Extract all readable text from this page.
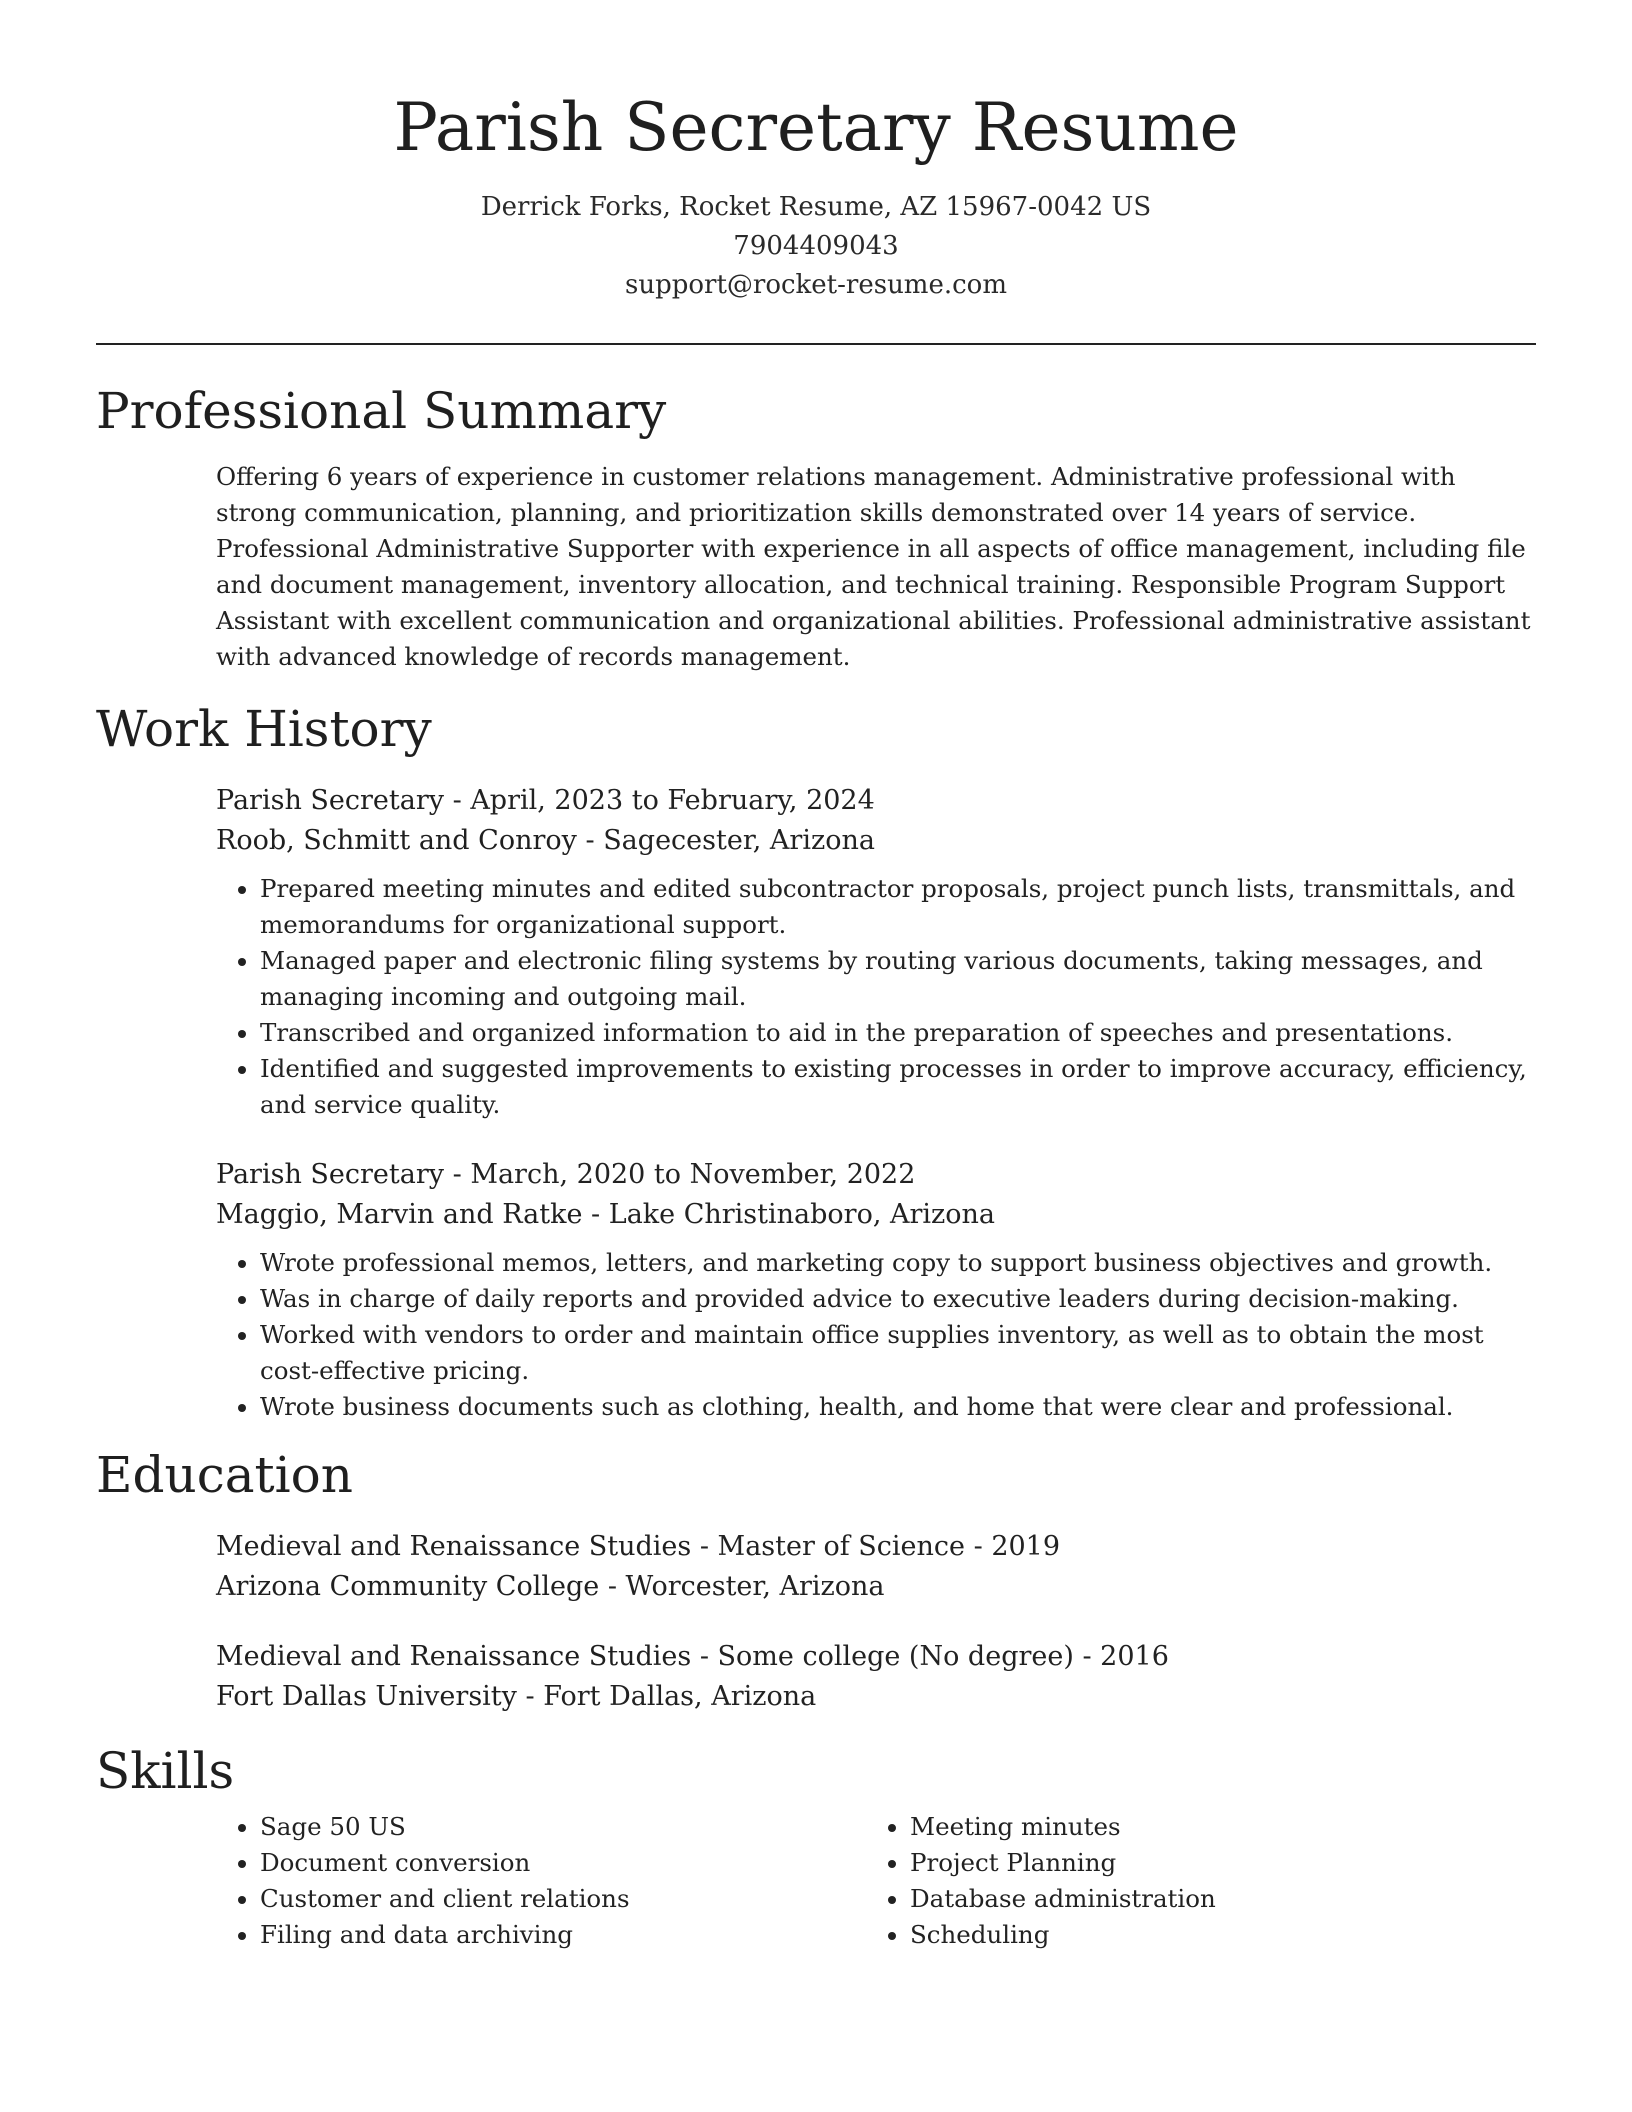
Parish Secretary Resume
Derrick Forks, Rocket Resume, AZ 15967-0042 US
7904409043
support@rocket-resume.com
Professional Summary
Offering 6 years of experience in customer relations management. Administrative professional with strong communication, planning, and prioritization skills demonstrated over 14 years of service. Professional Administrative Supporter with experience in all aspects of office management, including file and document management, inventory allocation, and technical training. Responsible Program Support Assistant with excellent communication and organizational abilities. Professional administrative assistant with advanced knowledge of records management.
Work History
Parish Secretary - April, 2023 to February, 2024
Roob, Schmitt and Conroy - Sagecester, Arizona
• Prepared meeting minutes and edited subcontractor proposals, project punch lists, transmittals, and memorandums for organizational support.
• Managed paper and electronic filing systems by routing various documents, taking messages, and managing incoming and outgoing mail.
• Transcribed and organized information to aid in the preparation of speeches and presentations.
• Identified and suggested improvements to existing processes in order to improve accuracy, efficiency, and service quality.
Parish Secretary - March, 2020 to November, 2022
Maggio, Marvin and Ratke - Lake Christinaboro, Arizona
• Wrote professional memos, letters, and marketing copy to support business objectives and growth.
• Was in charge of daily reports and provided advice to executive leaders during decision-making.
• Worked with vendors to order and maintain office supplies inventory, as well as to obtain the most cost-effective pricing.
• Wrote business documents such as clothing, health, and home that were clear and professional.
Education
Medieval and Renaissance Studies - Master of Science - 2019
Arizona Community College - Worcester, Arizona
Medieval and Renaissance Studies - Some college (No degree) - 2016
Fort Dallas University - Fort Dallas, Arizona
Skills
• Sage 50 US
• Document conversion
• Customer and client relations
• Filing and data archiving
• Meeting minutes
• Project Planning
• Database administration
• Scheduling
